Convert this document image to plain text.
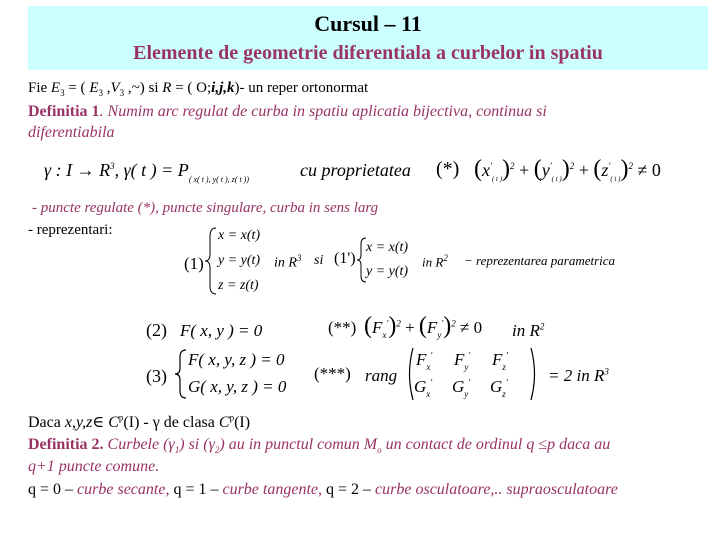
Cursul – 11
Elemente de geometrie diferentiala a curbelor in spatiu
Fie $E_3$ = ( $E_3$ $,V_3$ ,~) si R = ( O;i,j,k)- un reper ortonormat
Definitia 1. Numim arc regulat de curba in spatiu aplicatia bijectiva, continua si
diferentiabila
γ : $I \to R^3$, γ( t ) = $P_{( x( t ), y( t ), z( t ))}$	cu proprietatea (*) $(x'_{( t )})^2 + (y'_{( t )})^2 + (z'_{( t )})^2 \ne 0$
- puncte regulate (*), puncte singulare, curba in sens larg
- reprezentari:
(1)
x = x(t)
y = y(t)
z = z(t)
in $R^3$ si (1')
x = x(t)
y = y(t)
in $R^2$ − reprezentarea parametrica
(2) F( x, y ) = 0	(**) $(F_x')^2 + (F_y')^2 \ne 0$ in $R^2$
(3)
F( x, y, z ) = 0
G( x, y, z ) = 0
(***) rang
$F_x'$ $F_y'$ $F_z'$
$G_x'$ $G_y'$ $G_z'$	= 2 in $R^3$
Daca x,y,z∈ $C^p(I)$ - γ de clasa $C^p(I)$
Definitia 2. Curbele $(\gamma_1)$ si $(\gamma_2)$ au in punctul comun $M_o$ un contact de ordinul q ≤p daca au
q+1 puncte comune.
q = 0 – curbe secante, q = 1 – curbe tangente, q = 2 – curbe osculatoare,.. supraosculatoare
